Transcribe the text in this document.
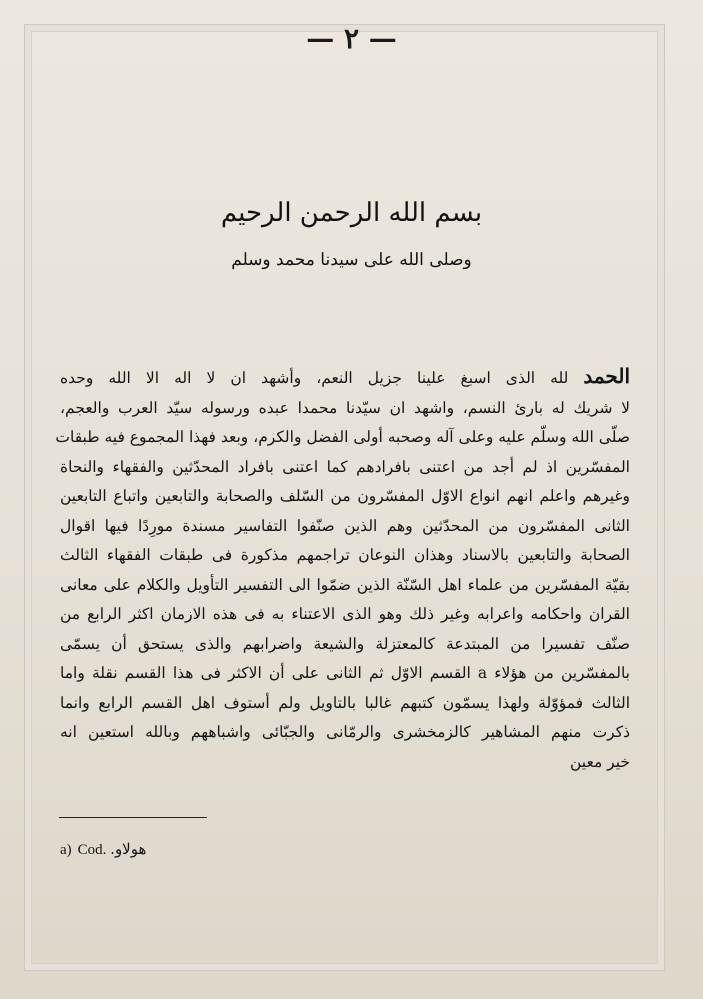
— ٢ —
بسم الله الرحمن الرحيم
وصلى الله على سيدنا محمد وسلم
الحمد لله الذى اسبغ علينا جزيل النعم، وأشهد ان لا اله الا الله وحده
لا شريك له بارئ النسم، واشهد ان سيّدنا محمدا عبده ورسوله سيّد العرب والعجم،
صلّى الله وسلّم عليه وعلى آله وصحبه أولى الفضل والكرم، وبعد فهذا المجموع فيه طبقات
المفسّرين اذ لم أجد من اعتنى بافرادهم كما اعتنى بافراد المحدّثين والفقهاء والنحاة
وغيرهم واعلم انهم انواع الاوّل المفسّرون من السّلف والصحابة والتابعين واتباع التابعين
الثانى المفسّرون من المحدّثين وهم الذين صنّفوا التفاسير مسندة مورِدًا فيها اقوال
الصحابة والتابعين بالاسناد وهذان النوعان تراجمهم مذكورة فى طبقات الفقهاء الثالث
بقيّة المفسّرين من علماء اهل السّنّة الذين ضمّوا الى التفسير التأويل والكلام على معانى
القران واحكامه واعرابه وغير ذلك وهو الذى الاعتناء به فى هذه الازمان اكثر الرابع من
صنّف تفسيرا من المبتدعة كالمعتزلة والشيعة واضرابهم والذى يستحق أن يسمّى
بالمفسّرين من هؤلاء a القسم الاوّل ثم الثانى على أن الاكثر فى هذا القسم نقلة واما
الثالث فمؤوّلة ولهذا يسمّون كتبهم غالبا بالتاويل ولم أستوف اهل القسم الرابع وانما
ذكرت منهم المشاهير كالزمخشرى والرمّانى والجبّائى واشباههم وبالله استعين انه
خير معين
a) Cod. هولاو.
